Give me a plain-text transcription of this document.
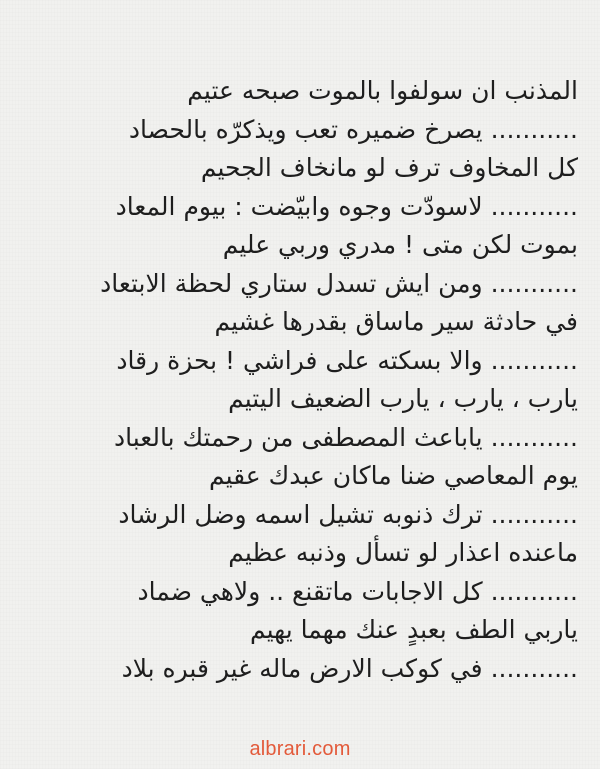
المذنب ان سولفوا بالموت صبحه عتيم
........... يصرخ ضميره تعب ويذكرّه بالحصاد
كل المخاوف ترف لو مانخاف الجحيم
........... لاسودّت وجوه وابيّضت : بيوم المعاد
بموت لكن متى ! مدري وربي عليم
........... ومن ايش تسدل ستاري لحظة الابتعاد
في حادثة سير ماساق بقدرها غشيم
........... والا بسكته على فراشي ! بحزة رقاد
يارب ، يارب ، يارب الضعيف اليتيم
........... ياباعث المصطفى من رحمتك بالعباد
يوم المعاصي ضنا ماكان عبدك عقيم
........... ترك ذنوبه تشيل اسمه وضل الرشاد
ماعنده اعذار لو تسأل وذنبه عظيم
........... كل الاجابات ماتقنع .. ولاهي ضماد
ياربي الطف بعبدٍ عنك مهما يهيم
........... في كوكب الارض ماله غير قبره بلاد
albrari.com
